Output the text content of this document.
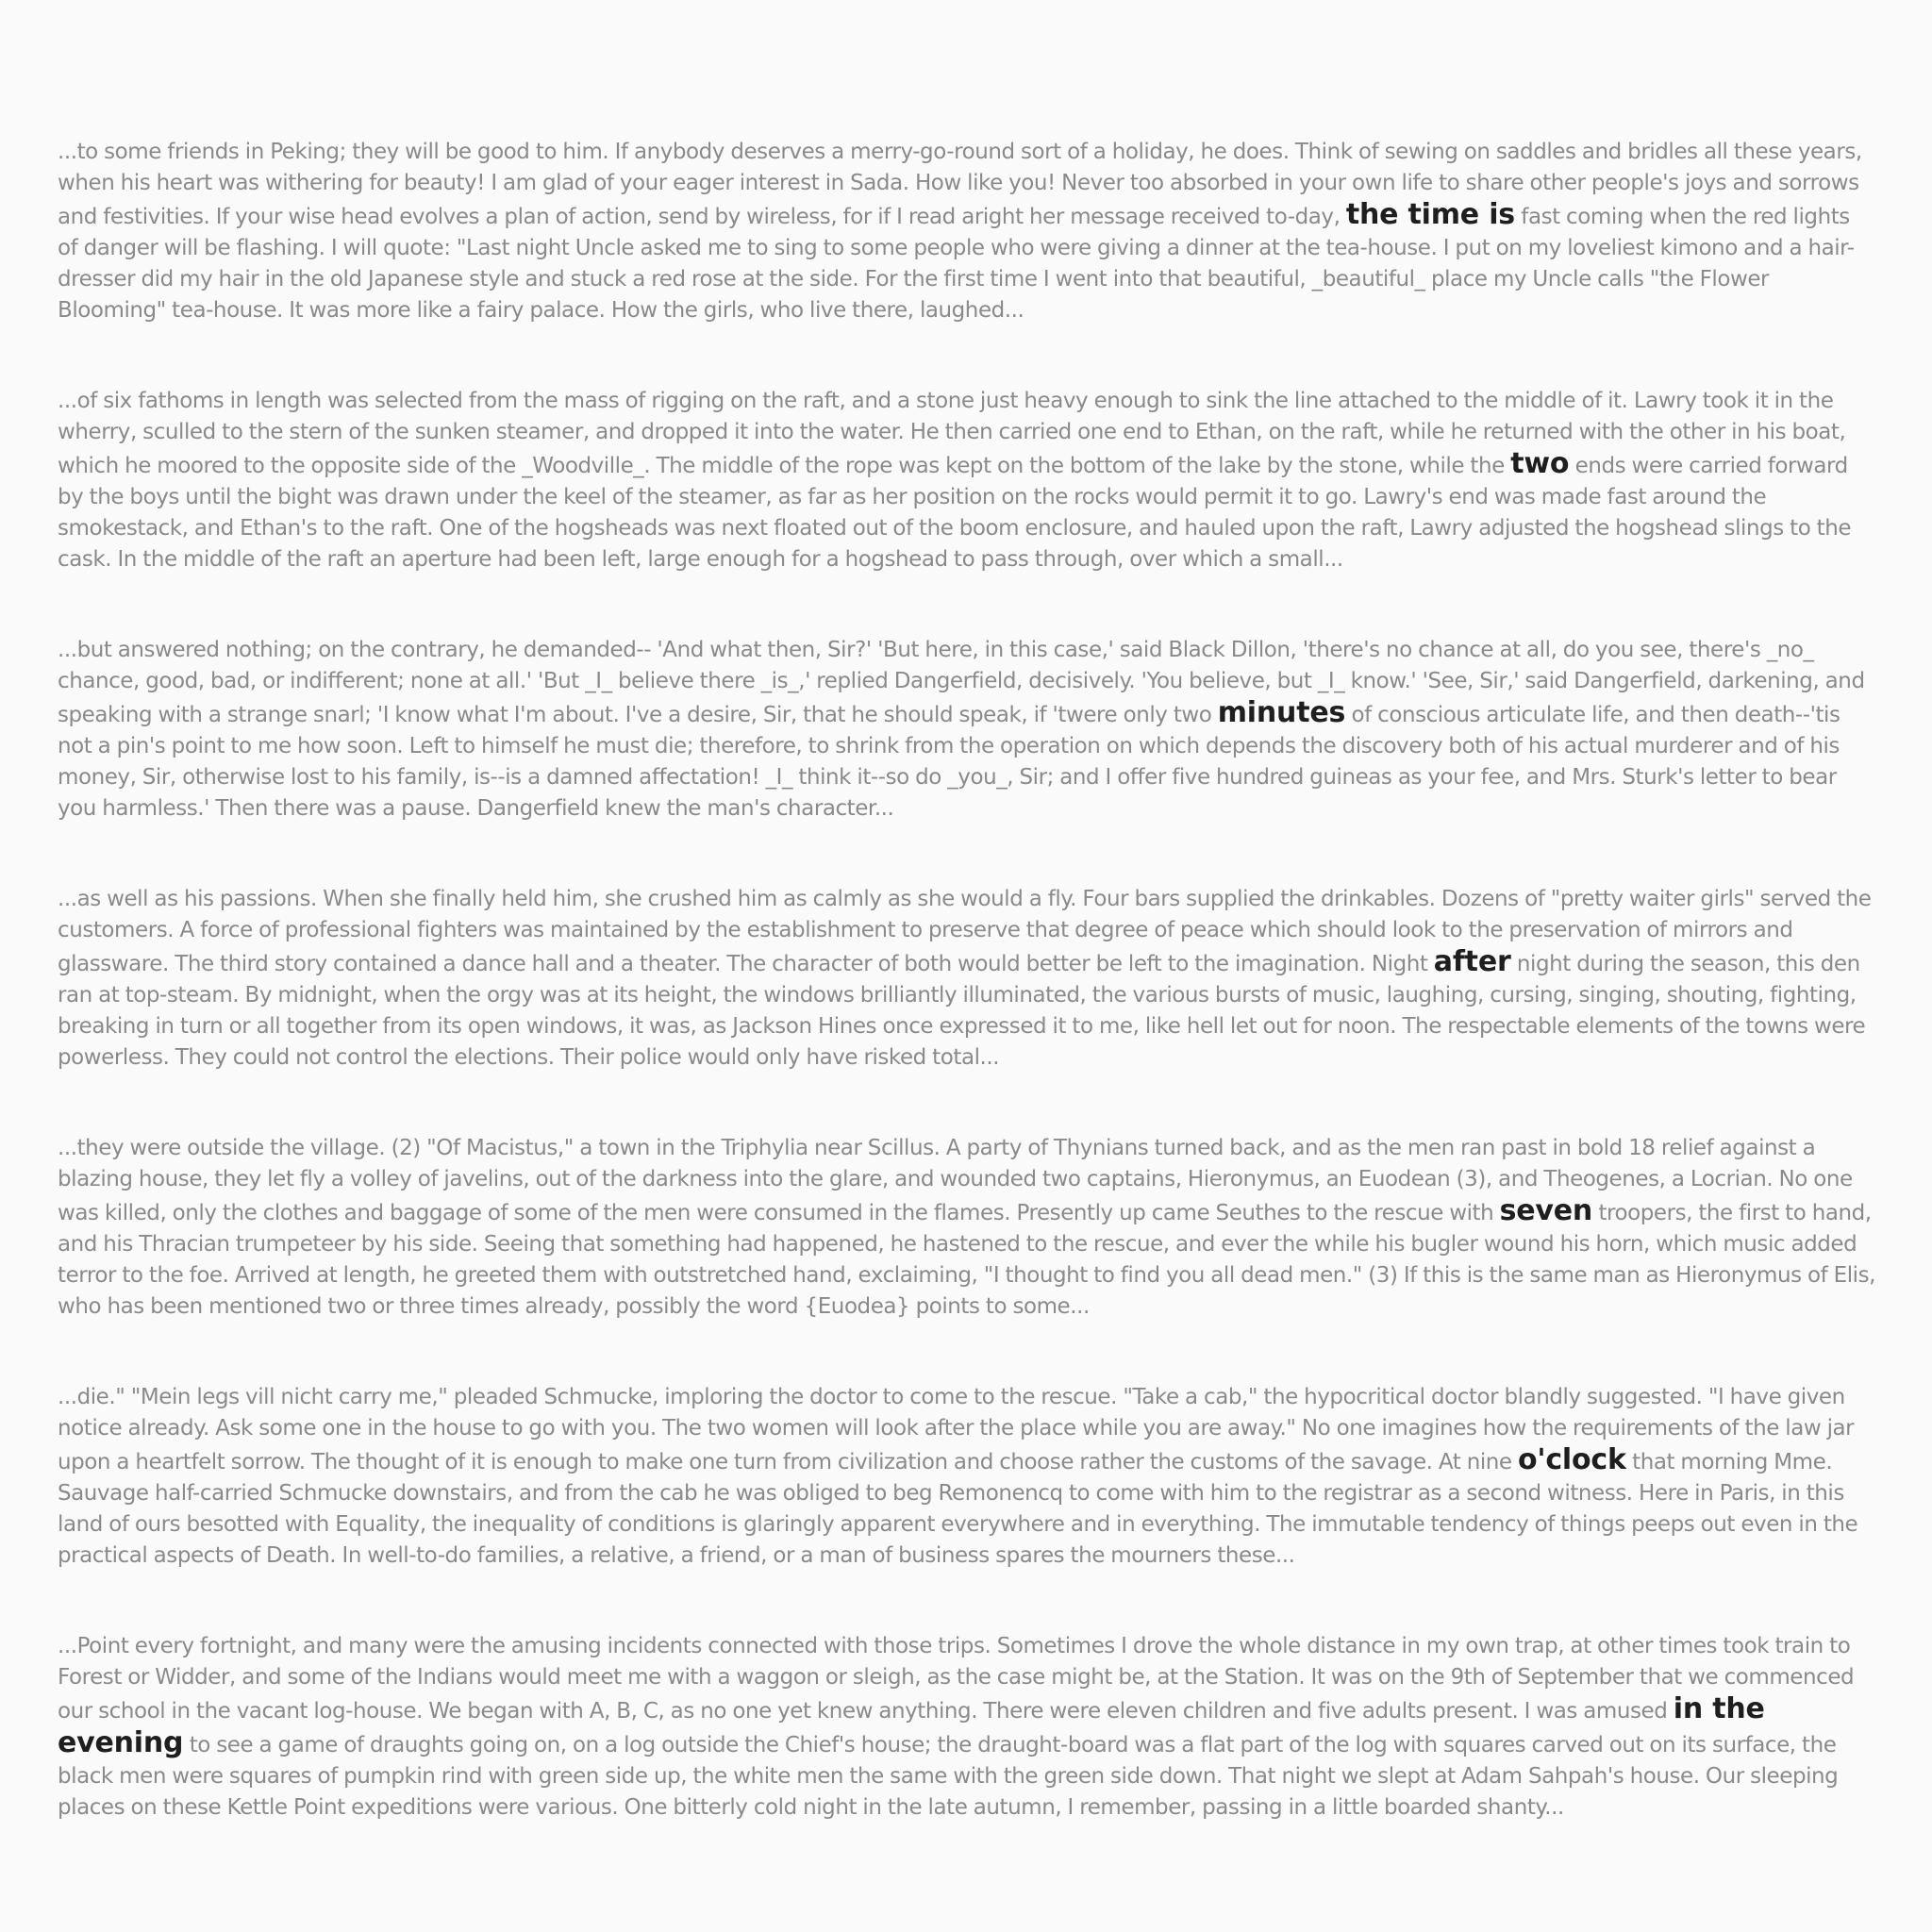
...to some friends in Peking; they will be good to him. If anybody deserves a merry-go-round sort of a holiday, he does. Think of sewing on saddles and bridles all these years, when his heart was withering for beauty! I am glad of your eager interest in Sada. How like you! Never too absorbed in your own life to share other people's joys and sorrows and festivities. If your wise head evolves a plan of action, send by wireless, for if I read aright her message received to-day, the time is fast coming when the red lights of danger will be flashing. I will quote: "Last night Uncle asked me to sing to some people who were giving a dinner at the tea-house. I put on my loveliest kimono and a hair-dresser did my hair in the old Japanese style and stuck a red rose at the side. For the first time I went into that beautiful, _beautiful_ place my Uncle calls "the Flower Blooming" tea-house. It was more like a fairy palace. How the girls, who live there, laughed...

...of six fathoms in length was selected from the mass of rigging on the raft, and a stone just heavy enough to sink the line attached to the middle of it. Lawry took it in the wherry, sculled to the stern of the sunken steamer, and dropped it into the water. He then carried one end to Ethan, on the raft, while he returned with the other in his boat, which he moored to the opposite side of the _Woodville_. The middle of the rope was kept on the bottom of the lake by the stone, while the two ends were carried forward by the boys until the bight was drawn under the keel of the steamer, as far as her position on the rocks would permit it to go. Lawry's end was made fast around the smokestack, and Ethan's to the raft. One of the hogsheads was next floated out of the boom enclosure, and hauled upon the raft, Lawry adjusted the hogshead slings to the cask. In the middle of the raft an aperture had been left, large enough for a hogshead to pass through, over which a small...

...but answered nothing; on the contrary, he demanded-- 'And what then, Sir?' 'But here, in this case,' said Black Dillon, 'there's no chance at all, do you see, there's _no_ chance, good, bad, or indifferent; none at all.' 'But _I_ believe there _is_,' replied Dangerfield, decisively. 'You believe, but _I_ know.' 'See, Sir,' said Dangerfield, darkening, and speaking with a strange snarl; 'I know what I'm about. I've a desire, Sir, that he should speak, if 'twere only two minutes of conscious articulate life, and then death--'tis not a pin's point to me how soon. Left to himself he must die; therefore, to shrink from the operation on which depends the discovery both of his actual murderer and of his money, Sir, otherwise lost to his family, is--is a damned affectation! _I_ think it--so do _you_, Sir; and I offer five hundred guineas as your fee, and Mrs. Sturk's letter to bear you harmless.' Then there was a pause. Dangerfield knew the man's character...

...as well as his passions. When she finally held him, she crushed him as calmly as she would a fly. Four bars supplied the drinkables. Dozens of "pretty waiter girls" served the customers. A force of professional fighters was maintained by the establishment to preserve that degree of peace which should look to the preservation of mirrors and glassware. The third story contained a dance hall and a theater. The character of both would better be left to the imagination. Night after night during the season, this den ran at top-steam. By midnight, when the orgy was at its height, the windows brilliantly illuminated, the various bursts of music, laughing, cursing, singing, shouting, fighting, breaking in turn or all together from its open windows, it was, as Jackson Hines once expressed it to me, like hell let out for noon. The respectable elements of the towns were powerless. They could not control the elections. Their police would only have risked total...

...they were outside the village. (2) "Of Macistus," a town in the Triphylia near Scillus. A party of Thynians turned back, and as the men ran past in bold 18 relief against a blazing house, they let fly a volley of javelins, out of the darkness into the glare, and wounded two captains, Hieronymus, an Euodean (3), and Theogenes, a Locrian. No one was killed, only the clothes and baggage of some of the men were consumed in the flames. Presently up came Seuthes to the rescue with seven troopers, the first to hand, and his Thracian trumpeteer by his side. Seeing that something had happened, he hastened to the rescue, and ever the while his bugler wound his horn, which music added terror to the foe. Arrived at length, he greeted them with outstretched hand, exclaiming, "I thought to find you all dead men." (3) If this is the same man as Hieronymus of Elis, who has been mentioned two or three times already, possibly the word {Euodea} points to some...

...die." "Mein legs vill nicht carry me," pleaded Schmucke, imploring the doctor to come to the rescue. "Take a cab," the hypocritical doctor blandly suggested. "I have given notice already. Ask some one in the house to go with you. The two women will look after the place while you are away." No one imagines how the requirements of the law jar upon a heartfelt sorrow. The thought of it is enough to make one turn from civilization and choose rather the customs of the savage. At nine o'clock that morning Mme. Sauvage half-carried Schmucke downstairs, and from the cab he was obliged to beg Remonencq to come with him to the registrar as a second witness. Here in Paris, in this land of ours besotted with Equality, the inequality of conditions is glaringly apparent everywhere and in everything. The immutable tendency of things peeps out even in the practical aspects of Death. In well-to-do families, a relative, a friend, or a man of business spares the mourners these...

...Point every fortnight, and many were the amusing incidents connected with those trips. Sometimes I drove the whole distance in my own trap, at other times took train to Forest or Widder, and some of the Indians would meet me with a waggon or sleigh, as the case might be, at the Station. It was on the 9th of September that we commenced our school in the vacant log-house. We began with A, B, C, as no one yet knew anything. There were eleven children and five adults present. I was amused in the evening to see a game of draughts going on, on a log outside the Chief's house; the draught-board was a flat part of the log with squares carved out on its surface, the black men were squares of pumpkin rind with green side up, the white men the same with the green side down. That night we slept at Adam Sahpah's house. Our sleeping places on these Kettle Point expeditions were various. One bitterly cold night in the late autumn, I remember, passing in a little boarded shanty...
